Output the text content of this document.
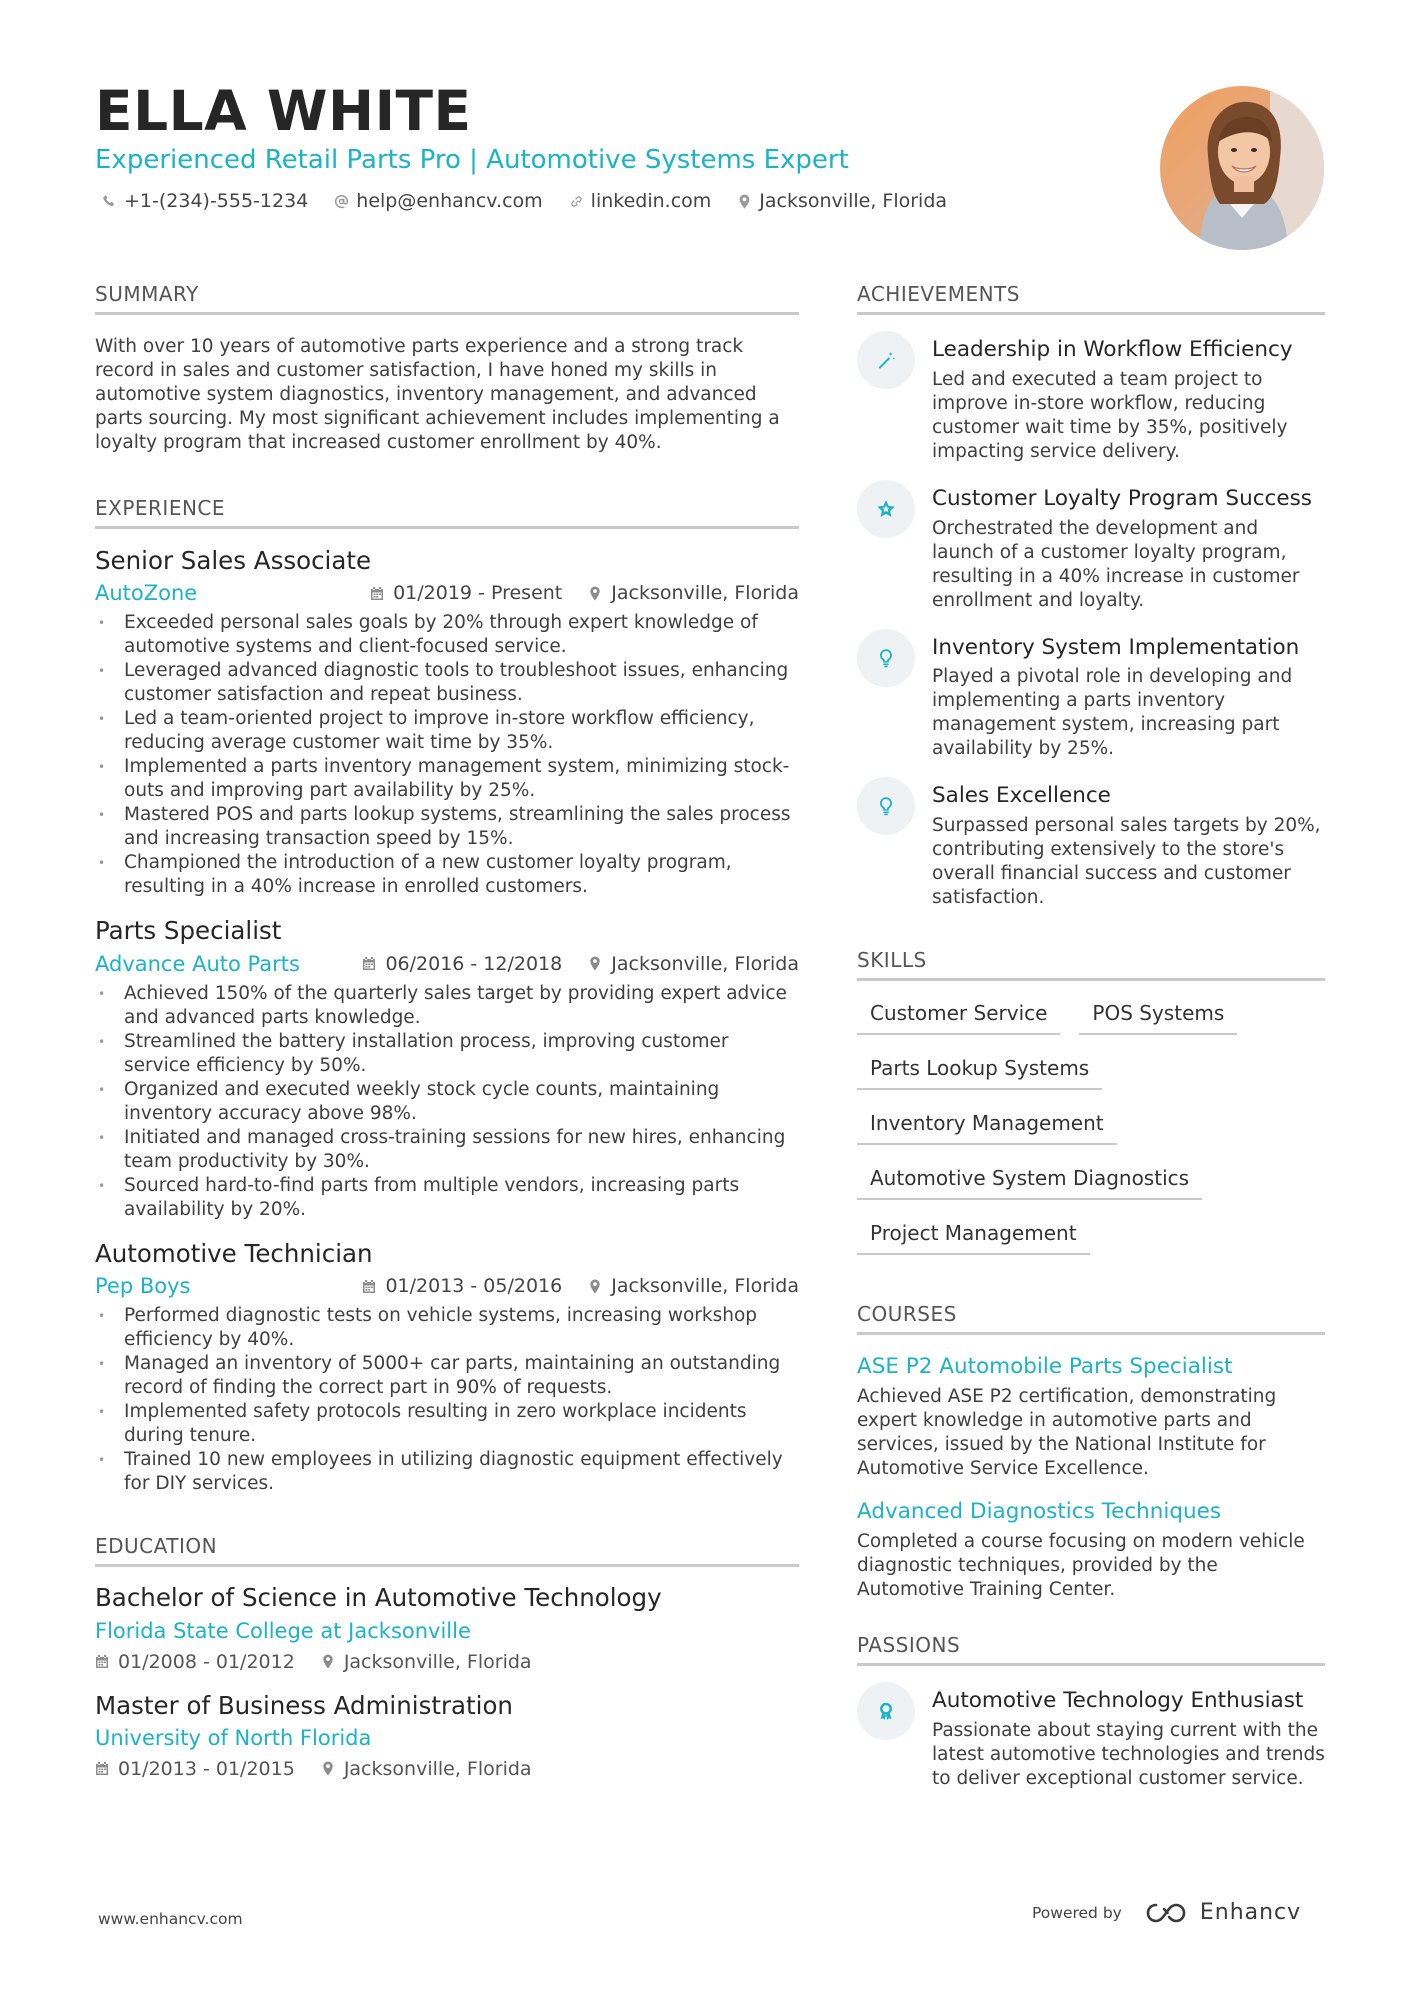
ELLA WHITE
Experienced Retail Parts Pro | Automotive Systems Expert
+1-(234)-555-1234	help@enhancv.com	linkedin.com	Jacksonville, Florida
SUMMARY

With over 10 years of automotive parts experience and a strong track record in sales and customer satisfaction, I have honed my skills in automotive system diagnostics, inventory management, and advanced parts sourcing. My most significant achievement includes implementing a loyalty program that increased customer enrollment by 40%.

EXPERIENCE
Senior Sales Associate
AutoZone	01/2019 - Present	Jacksonville, Florida
• Exceeded personal sales goals by 20% through expert knowledge of automotive systems and client-focused service.
• Leveraged advanced diagnostic tools to troubleshoot issues, enhancing customer satisfaction and repeat business.
• Led a team-oriented project to improve in-store workflow efficiency, reducing average customer wait time by 35%.
• Implemented a parts inventory management system, minimizing stock-outs and improving part availability by 25%.
• Mastered POS and parts lookup systems, streamlining the sales process and increasing transaction speed by 15%.
• Championed the introduction of a new customer loyalty program, resulting in a 40% increase in enrolled customers.
Parts Specialist
Advance Auto Parts	06/2016 - 12/2018	Jacksonville, Florida
• Achieved 150% of the quarterly sales target by providing expert advice and advanced parts knowledge.
• Streamlined the battery installation process, improving customer service efficiency by 50%.
• Organized and executed weekly stock cycle counts, maintaining inventory accuracy above 98%.
• Initiated and managed cross-training sessions for new hires, enhancing team productivity by 30%.
• Sourced hard-to-find parts from multiple vendors, increasing parts availability by 20%.
Automotive Technician
Pep Boys	01/2013 - 05/2016	Jacksonville, Florida
• Performed diagnostic tests on vehicle systems, increasing workshop efficiency by 40%.
• Managed an inventory of 5000+ car parts, maintaining an outstanding record of finding the correct part in 90% of requests.
• Implemented safety protocols resulting in zero workplace incidents during tenure.
• Trained 10 new employees in utilizing diagnostic equipment effectively for DIY services.
EDUCATION
Bachelor of Science in Automotive Technology
Florida State College at Jacksonville
01/2008 - 01/2012	Jacksonville, Florida
Master of Business Administration
University of North Florida
01/2013 - 01/2015	Jacksonville, Florida
ACHIEVEMENTS
Leadership in Workflow Efficiency
Led and executed a team project to improve in-store workflow, reducing customer wait time by 35%, positively impacting service delivery.
Customer Loyalty Program Success
Orchestrated the development and launch of a customer loyalty program, resulting in a 40% increase in customer enrollment and loyalty.
Inventory System Implementation
Played a pivotal role in developing and implementing a parts inventory management system, increasing part availability by 25%.
Sales Excellence
Surpassed personal sales targets by 20%, contributing extensively to the store's overall financial success and customer satisfaction.
SKILLS
Customer Service	POS Systems
Parts Lookup Systems
Inventory Management
Automotive System Diagnostics
Project Management
COURSES
ASE P2 Automobile Parts Specialist
Achieved ASE P2 certification, demonstrating expert knowledge in automotive parts and services, issued by the National Institute for Automotive Service Excellence.
Advanced Diagnostics Techniques
Completed a course focusing on modern vehicle diagnostic techniques, provided by the Automotive Training Center.
PASSIONS
Automotive Technology Enthusiast
Passionate about staying current with the latest automotive technologies and trends to deliver exceptional customer service.
www.enhancv.com	Powered by	Enhancv
